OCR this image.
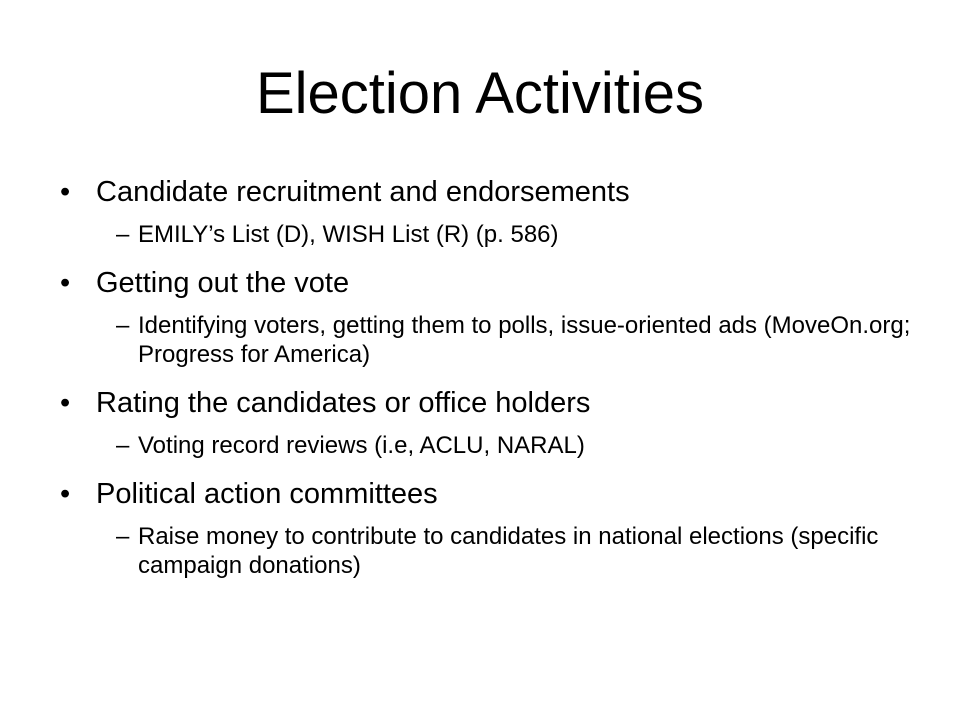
Election Activities
• Candidate recruitment and endorsements
– EMILY’s List (D), WISH List (R) (p. 586)
• Getting out the vote
– Identifying voters, getting them to polls, issue-oriented ads (MoveOn.org; Progress for America)
• Rating the candidates or office holders
– Voting record reviews (i.e, ACLU, NARAL)
• Political action committees
– Raise money to contribute to candidates in national elections (specific campaign donations)
